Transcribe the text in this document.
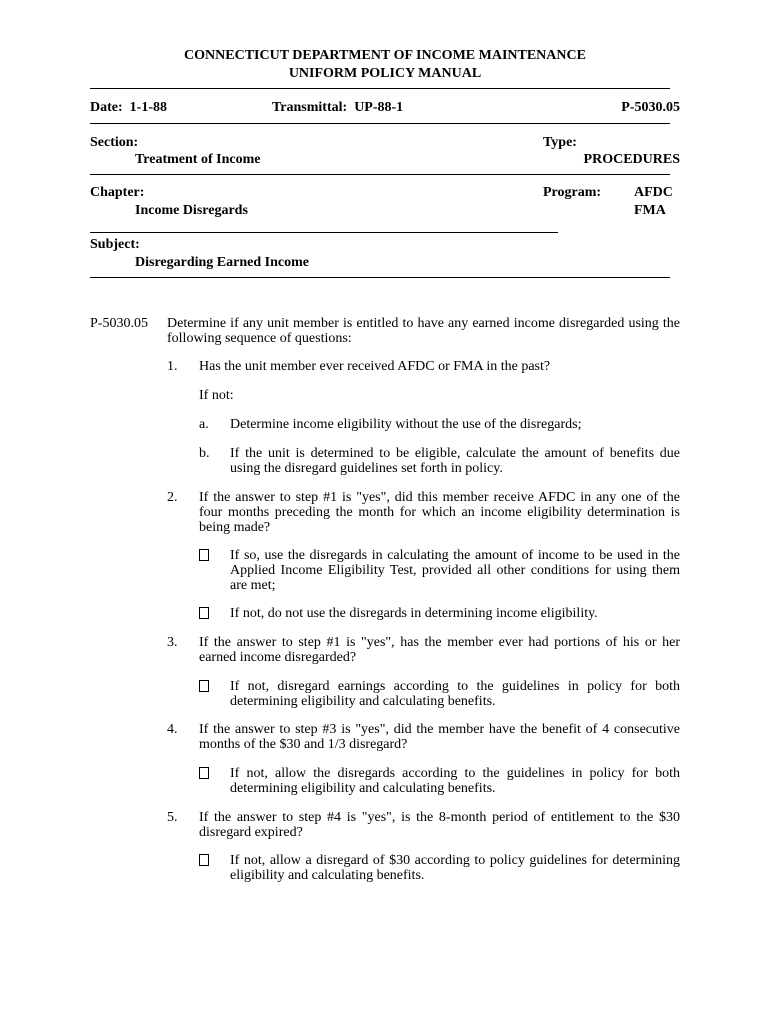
CONNECTICUT DEPARTMENT OF INCOME MAINTENANCE
UNIFORM POLICY MANUAL
Date: 1-1-88	Transmittal: UP-88-1	P-5030.05
Section:
Treatment of Income
Type:
PROCEDURES
Chapter:
Income Disregards
Program: AFDC
FMA
Subject:
Disregarding Earned Income
P-5030.05 Determine if any unit member is entitled to have any earned income disregarded using the following sequence of questions:
1. Has the unit member ever received AFDC or FMA in the past?
If not:
a. Determine income eligibility without the use of the disregards;
b. If the unit is determined to be eligible, calculate the amount of benefits due using the disregard guidelines set forth in policy.
2. If the answer to step #1 is "yes", did this member receive AFDC in any one of the four months preceding the month for which an income eligibility determination is being made?
If so, use the disregards in calculating the amount of income to be used in the Applied Income Eligibility Test, provided all other conditions for using them are met;
If not, do not use the disregards in determining income eligibility.
3. If the answer to step #1 is "yes", has the member ever had portions of his or her earned income disregarded?
If not, disregard earnings according to the guidelines in policy for both determining eligibility and calculating benefits.
4. If the answer to step #3 is "yes", did the member have the benefit of 4 consecutive months of the $30 and 1/3 disregard?
If not, allow the disregards according to the guidelines in policy for both determining eligibility and calculating benefits.
5. If the answer to step #4 is "yes", is the 8-month period of entitlement to the $30 disregard expired?
If not, allow a disregard of $30 according to policy guidelines for determining eligibility and calculating benefits.
